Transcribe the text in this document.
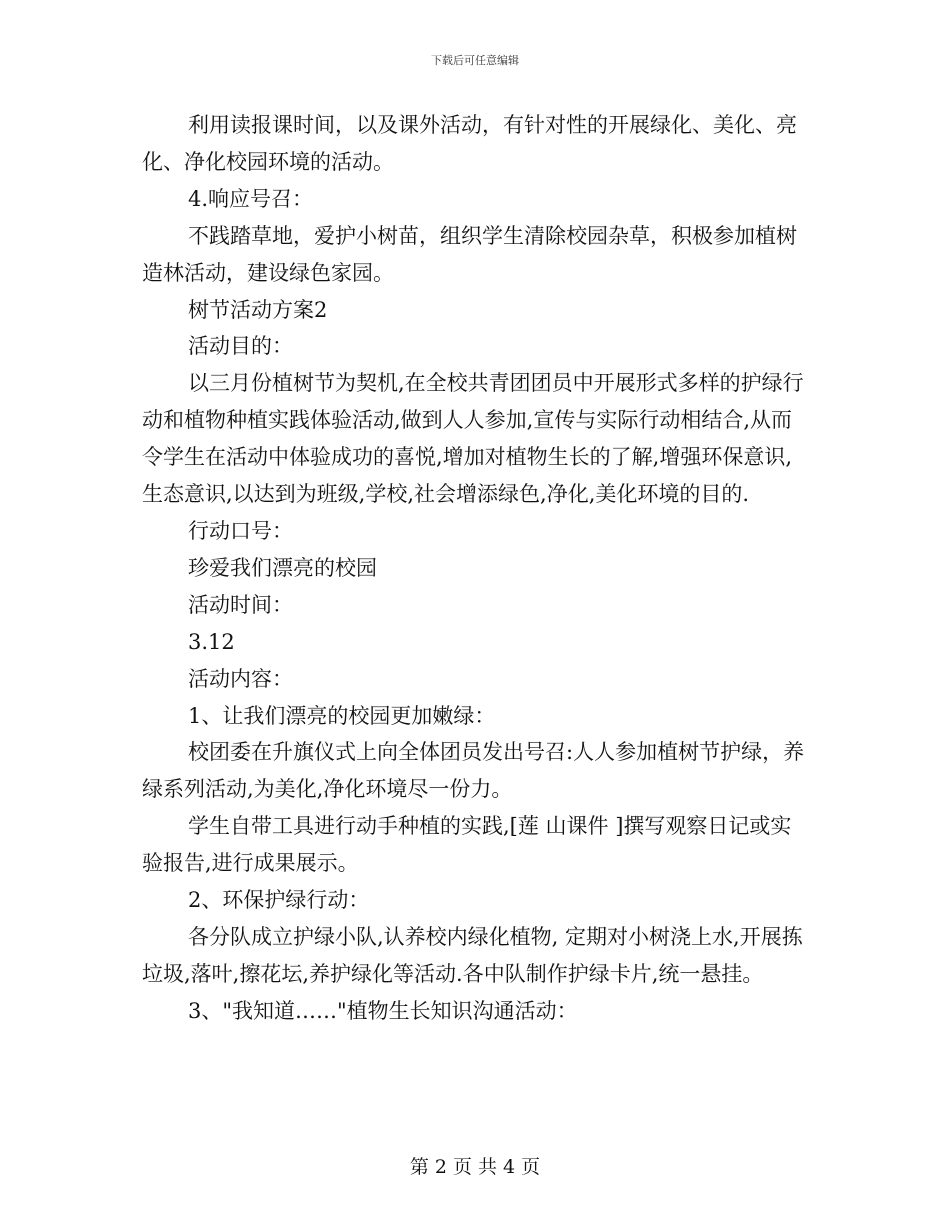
下载后可任意编辑

利用读报课时间，以及课外活动，有针对性的开展绿化、美化、亮化、净化校园环境的活动。

4.响应号召：

不践踏草地，爱护小树苗，组织学生清除校园杂草，积极参加植树造林活动，建设绿色家园。

树节活动方案2

活动目的：

以三月份植树节为契机,在全校共青团团员中开展形式多样的护绿行动和植物种植实践体验活动,做到人人参加,宣传与实际行动相结合,从而令学生在活动中体验成功的喜悦,增加对植物生长的了解,增强环保意识,生态意识,以达到为班级,学校,社会增添绿色,净化,美化环境的目的.

行动口号：

珍爱我们漂亮的校园

活动时间：

3.12

活动内容：

1、让我们漂亮的校园更加嫩绿：

校团委在升旗仪式上向全体团员发出号召:人人参加植树节护绿，养绿系列活动,为美化,净化环境尽一份力。

学生自带工具进行动手种植的实践,[莲 山课件 ]撰写观察日记或实验报告,进行成果展示。

2、环保护绿行动：

各分队成立护绿小队,认养校内绿化植物, 定期对小树浇上水,开展拣垃圾,落叶,擦花坛,养护绿化等活动.各中队制作护绿卡片,统一悬挂。

3、"我知道……"植物生长知识沟通活动：

第 2 页 共 4 页
